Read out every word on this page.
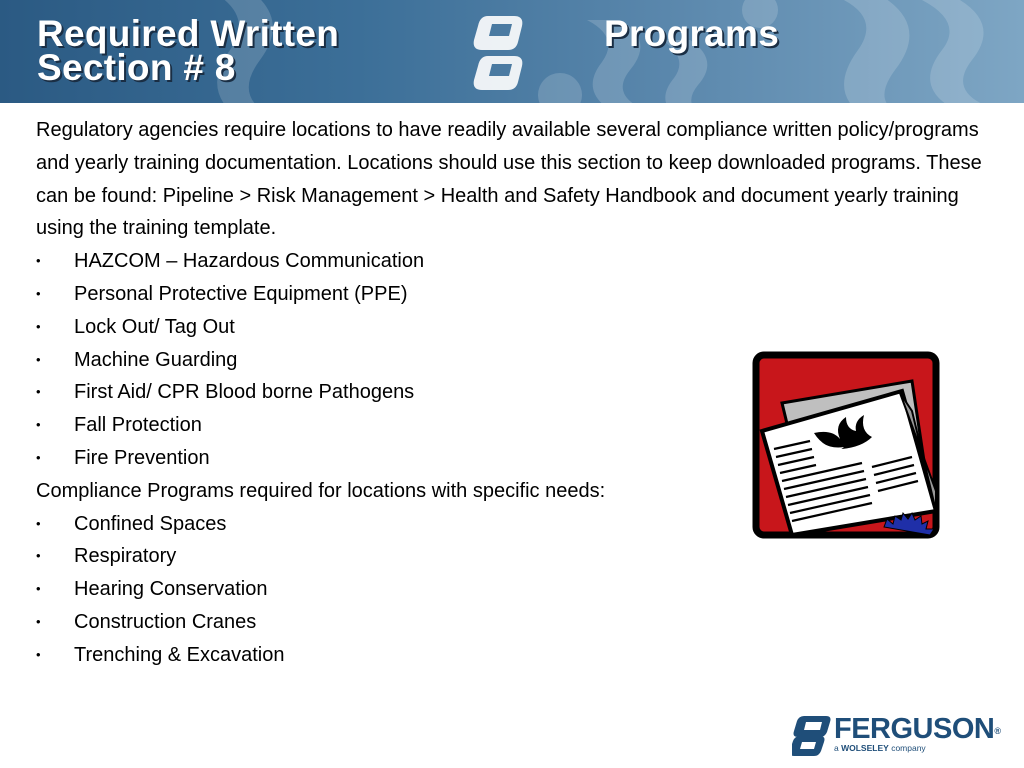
Required Written
Section # 8
Programs

Regulatory agencies require locations to have readily available several compliance written policy/programs and yearly training documentation. Locations should use this section to keep downloaded programs. These can be found: Pipeline > Risk Management > Health and Safety Handbook and document yearly training using the training template.

• HAZCOM – Hazardous Communication
• Personal Protective Equipment (PPE)
• Lock Out/ Tag Out
• Machine Guarding
• First Aid/ CPR Blood borne Pathogens
• Fall Protection
• Fire Prevention

Compliance Programs required for locations with specific needs:

• Confined Spaces
• Respiratory
• Hearing Conservation
• Construction Cranes
• Trenching & Excavation
FERGUSON®
a WOLSELEY company
